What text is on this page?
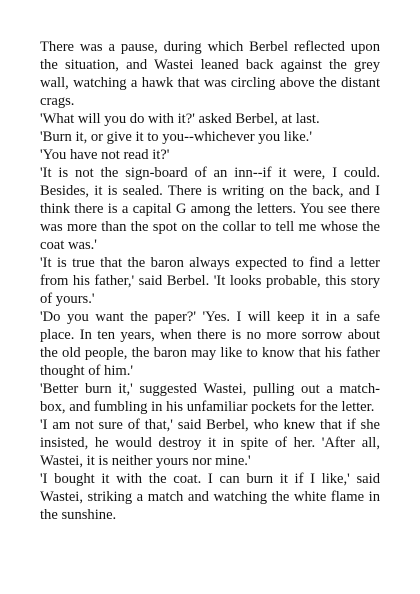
There was a pause, during which Berbel reflected upon the situation, and Wastei leaned back against the grey wall, watching a hawk that was circling above the distant crags.

'What will you do with it?' asked Berbel, at last.

'Burn it, or give it to you--whichever you like.'

'You have not read it?'

'It is not the sign-board of an inn--if it were, I could. Besides, it is sealed. There is writing on the back, and I think there is a capital G among the letters. You see there was more than the spot on the collar to tell me whose the coat was.'

'It is true that the baron always expected to find a letter from his father,' said Berbel. 'It looks probable, this story of yours.'

'Do you want the paper?' 'Yes. I will keep it in a safe place. In ten years, when there is no more sorrow about the old people, the baron may like to know that his father thought of him.'

'Better burn it,' suggested Wastei, pulling out a match-box, and fumbling in his unfamiliar pockets for the letter.

'I am not sure of that,' said Berbel, who knew that if she insisted, he would destroy it in spite of her. 'After all, Wastei, it is neither yours nor mine.'

'I bought it with the coat. I can burn it if I like,' said Wastei, striking a match and watching the white flame in the sunshine.
